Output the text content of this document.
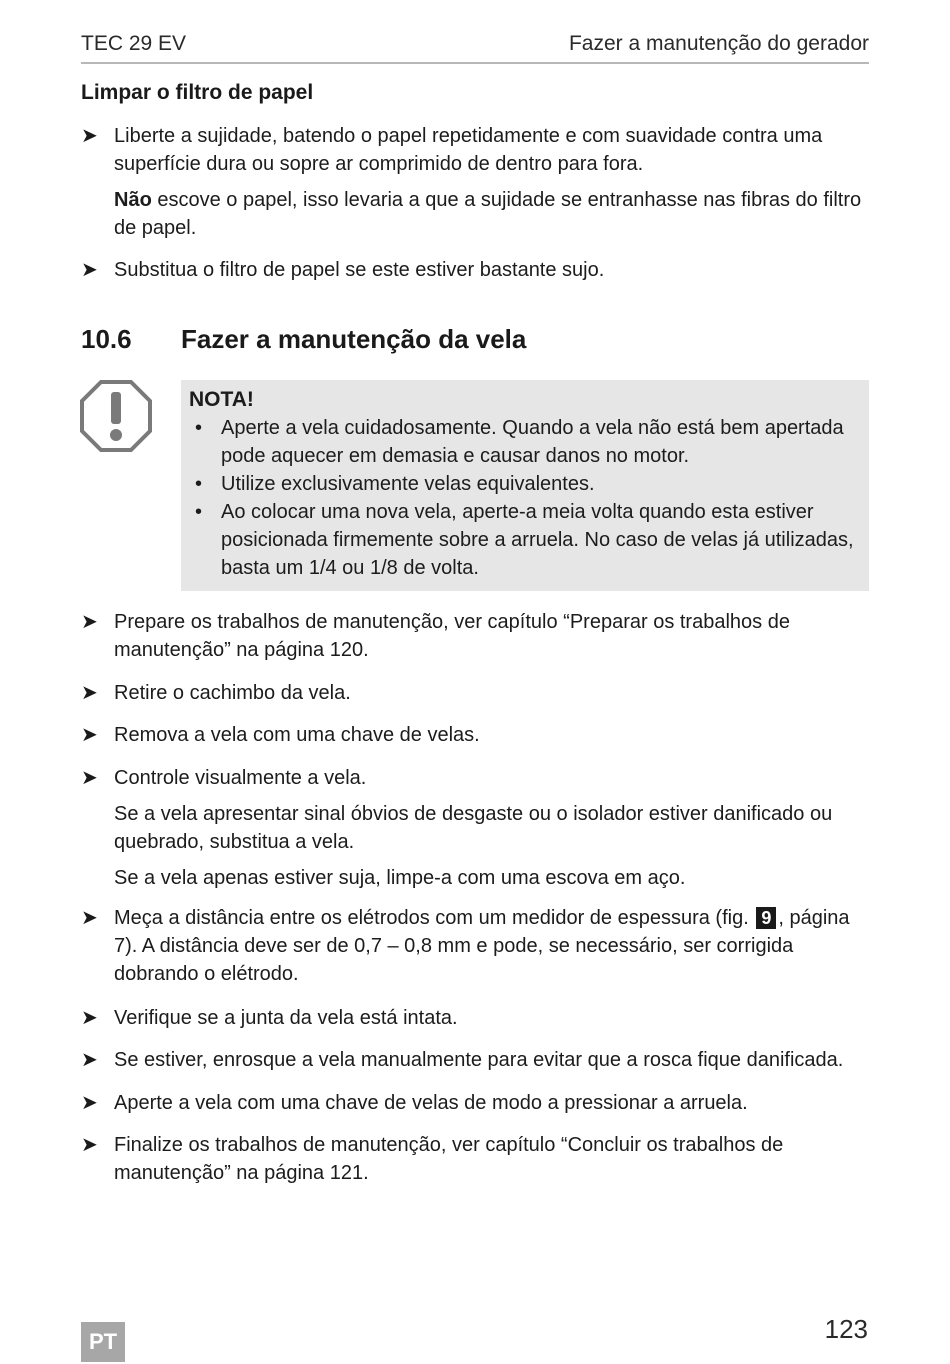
TEC 29 EV	Fazer a manutenção do gerador
Limpar o filtro de papel
➤ Liberte a sujidade, batendo o papel repetidamente e com suavidade contra uma superfície dura ou sopre ar comprimido de dentro para fora.

Não escove o papel, isso levaria a que a sujidade se entranhasse nas fibras do filtro de papel.

➤ Substitua o filtro de papel se este estiver bastante sujo.

10.6 Fazer a manutenção da vela
NOTA!
• Aperte a vela cuidadosamente. Quando a vela não está bem apertada pode aquecer em demasia e causar danos no motor.
• Utilize exclusivamente velas equivalentes.
• Ao colocar uma nova vela, aperte-a meia volta quando esta estiver posicionada firmemente sobre a arruela. No caso de velas já utilizadas, basta um 1/4 ou 1/8 de volta.
➤ Prepare os trabalhos de manutenção, ver capítulo “Preparar os trabalhos de manutenção” na página 120.

➤ Retire o cachimbo da vela.

➤ Remova a vela com uma chave de velas.

➤ Controle visualmente a vela.

Se a vela apresentar sinal óbvios de desgaste ou o isolador estiver danificado ou quebrado, substitua a vela.

Se a vela apenas estiver suja, limpe-a com uma escova em aço.

➤ Meça a distância entre os elétrodos com um medidor de espessura (fig. 9 , página 7). A distância deve ser de 0,7 – 0,8 mm e pode, se necessário, ser corrigida dobrando o elétrodo.

➤ Verifique se a junta da vela está intata.

➤ Se estiver, enrosque a vela manualmente para evitar que a rosca fique danificada.

➤ Aperte a vela com uma chave de velas de modo a pressionar a arruela.

➤ Finalize os trabalhos de manutenção, ver capítulo “Concluir os trabalhos de manutenção” na página 121.

PT	123
